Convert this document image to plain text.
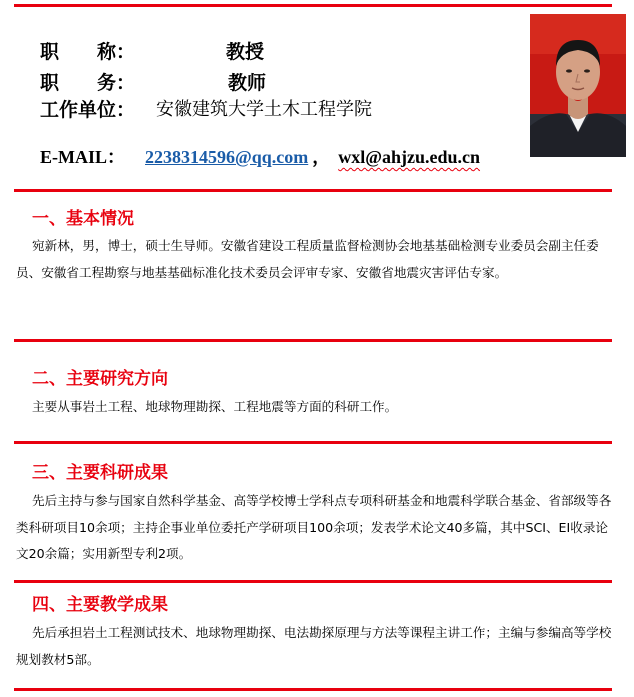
职称：	教授
职务：	教师
工作单位： 安徽建筑大学土木工程学院
E-MAIL： 2238314596@qq.com ， wxl@ahjzu.edu.cn
一、基本情况

宛新林，男，博士，硕士生导师。安徽省建设工程质量监督检测协会地基基础检测专业委员会副主任委员、安徽省工程勘察与地基基础标准化技术委员会评审专家、安徽省地震灾害评估专家。

二、主要研究方向

主要从事岩土工程、地球物理勘探、工程地震等方面的科研工作。

三、主要科研成果

先后主持与参与国家自然科学基金、高等学校博士学科点专项科研基金和地震科学联合基金、省部级等各类科研项目10余项；主持企事业单位委托产学研项目100余项；发表学术论文40多篇，其中SCI、EI收录论文20余篇；实用新型专利2项。

四、主要教学成果

先后承担岩土工程测试技术、地球物理勘探、电法勘探原理与方法等课程主讲工作；主编与参编高等学校规划教材5部。
